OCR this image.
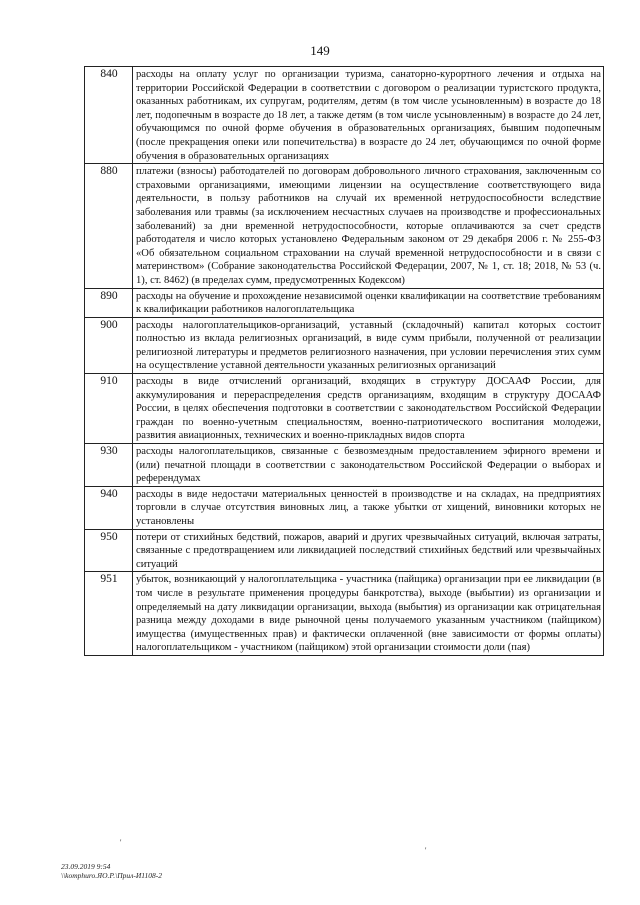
149
840	расходы на оплату услуг по организации туризма, санаторно-курортного лечения и отдыха на территории Российской Федерации в соответствии с договором о реализации туристского продукта, оказанных работникам, их супругам, родителям, детям (в том числе усыновленным) в возрасте до 18 лет, подопечным в возрасте до 18 лет, а также детям (в том числе усыновленным) в возрасте до 24 лет, обучающимся по очной форме обучения в образовательных организациях, бывшим подопечным (после прекращения опеки или попечительства) в возрасте до 24 лет, обучающимся по очной форме обучения в образовательных организациях
880	платежи (взносы) работодателей по договорам добровольного личного страхования, заключенным со страховыми организациями, имеющими лицензии на осуществление соответствующего вида деятельности, в пользу работников на случай их временной нетрудоспособности вследствие заболевания или травмы (за исключением несчастных случаев на производстве и профессиональных заболеваний) за дни временной нетрудоспособности, которые оплачиваются за счет средств работодателя и число которых установлено Федеральным законом от 29 декабря 2006 г. № 255-ФЗ «Об обязательном социальном страховании на случай временной нетрудоспособности и в связи с материнством» (Собрание законодательства Российской Федерации, 2007, № 1, ст. 18; 2018, № 53 (ч. 1), ст. 8462) (в пределах сумм, предусмотренных Кодексом)
890	расходы на обучение и прохождение независимой оценки квалификации на соответствие требованиям к квалификации работников налогоплательщика
900	расходы налогоплательщиков-организаций, уставный (складочный) капитал которых состоит полностью из вклада религиозных организаций, в виде сумм прибыли, полученной от реализации религиозной литературы и предметов религиозного назначения, при условии перечисления этих сумм на осуществление уставной деятельности указанных религиозных организаций
910	расходы в виде отчислений организаций, входящих в структуру ДОСААФ России, для аккумулирования и перераспределения средств организациям, входящим в структуру ДОСААФ России, в целях обеспечения подготовки в соответствии с законодательством Российской Федерации граждан по военно-учетным специальностям, военно-патриотического воспитания молодежи, развития авиационных, технических и военно-прикладных видов спорта
930	расходы налогоплательщиков, связанные с безвозмездным предоставлением эфирного времени и (или) печатной площади в соответствии с законодательством Российской Федерации о выборах и референдумах
940	расходы в виде недостачи материальных ценностей в производстве и на складах, на предприятиях торговли в случае отсутствия виновных лиц, а также убытки от хищений, виновники которых не установлены
950	потери от стихийных бедствий, пожаров, аварий и других чрезвычайных ситуаций, включая затраты, связанные с предотвращением или ликвидацией последствий стихийных бедствий или чрезвычайных ситуаций
951	убыток, возникающий у налогоплательщика - участника (пайщика) организации при ее ликвидации (в том числе в результате применения процедуры банкротства), выходе (выбытии) из организации и определяемый на дату ликвидации организации, выхода (выбытия) из организации как отрицательная разница между доходами в виде рыночной цены получаемого указанным участником (пайщиком) имущества (имущественных прав) и фактически оплаченной (вне зависимости от формы оплаты) налогоплательщиком - участником (пайщиком) этой организации стоимости доли (пая)
'
'
23.09.2019 9:54
\\komphuro.ЯО.Р.\Прил-И1108-2
